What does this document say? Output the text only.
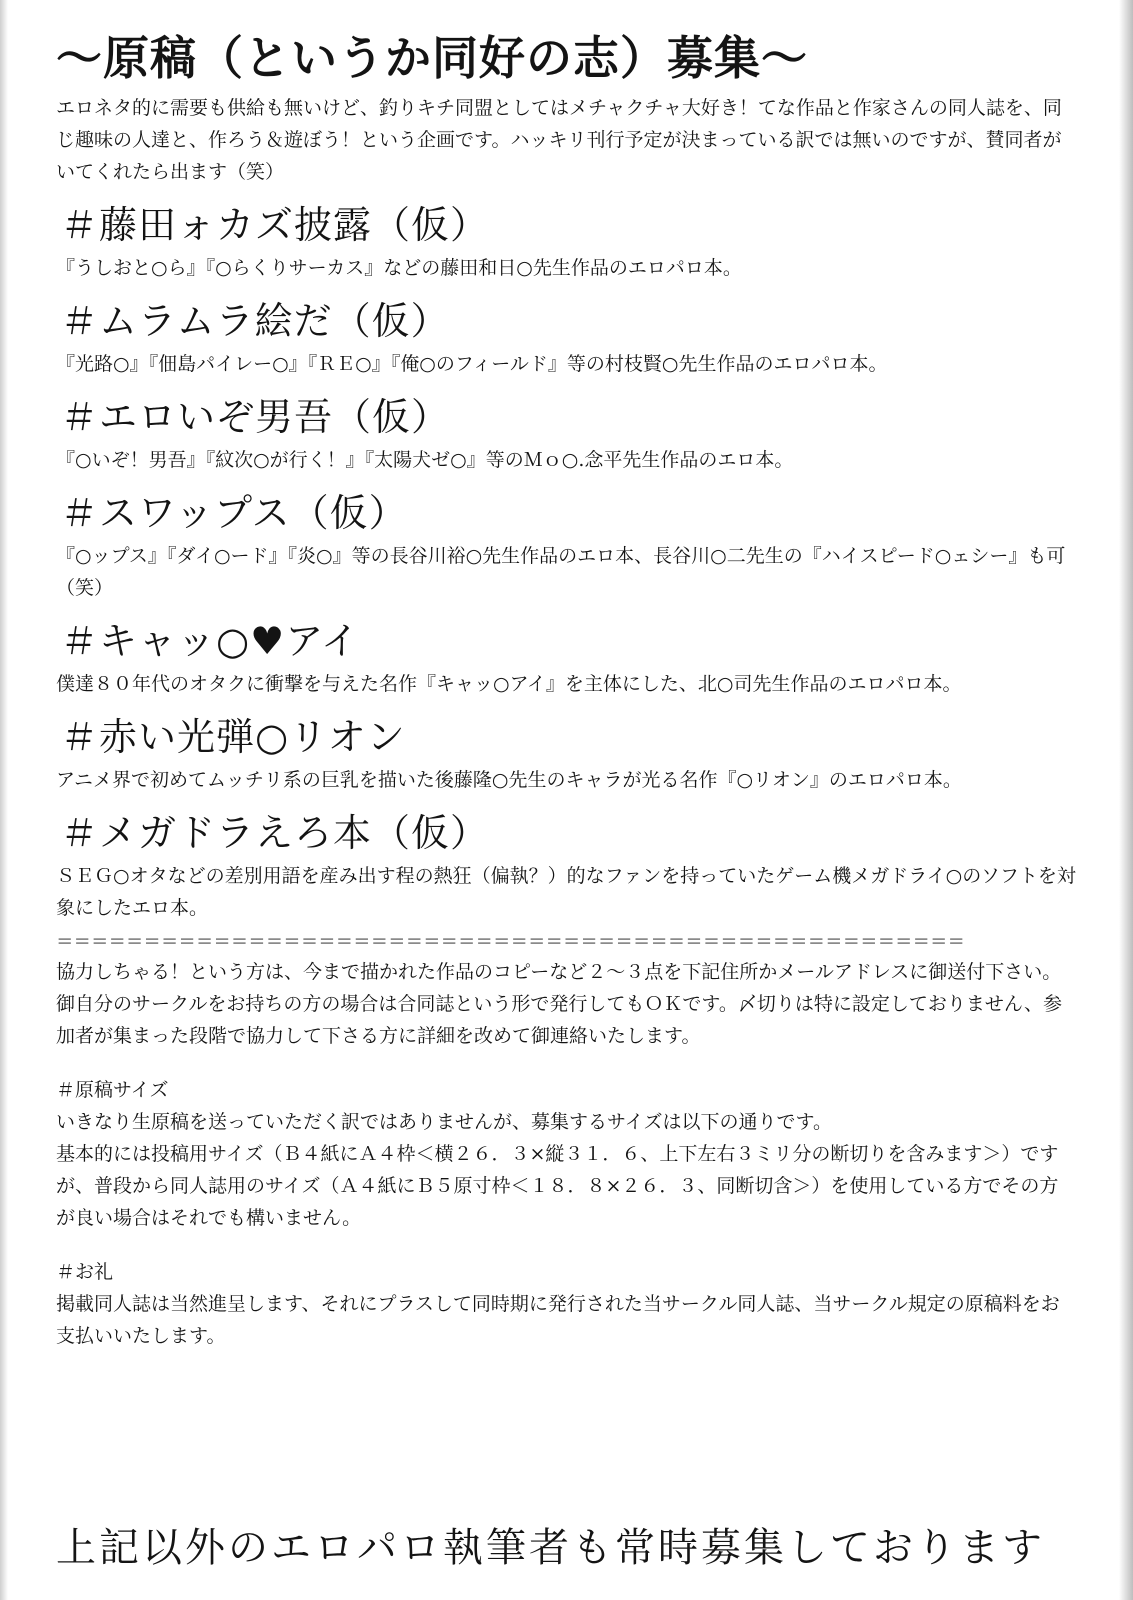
～原稿（というか同好の志）募集～

エロネタ的に需要も供給も無いけど、釣りキチ同盟としてはメチャクチャ大好き！てな作品と作家さんの同人誌を、同じ趣味の人達と、作ろう＆遊ぼう！という企画です。ハッキリ刊行予定が決まっている訳では無いのですが、賛同者がいてくれたら出ます（笑）

＃藤田ォカズ披露（仮）

『うしおと○ら』『○らくりサーカス』などの藤田和日○先生作品のエロパロ本。

＃ムラムラ絵だ（仮）

『光路○』『佃島パイレー○』『ＲＥ○』『俺○のフィールド』等の村枝賢○先生作品のエロパロ本。

＃エロいぞ男吾（仮）

『○いぞ！男吾』『紋次○が行く！』『太陽犬ゼ○』等のＭｏ○.念平先生作品のエロ本。

＃スワップス（仮）

『○ップス』『ダイ○ード』『炎○』等の長谷川裕○先生作品のエロ本、長谷川○二先生の『ハイスピード○ェシー』も可（笑）

＃キャッ○♥アイ

僕達８０年代のオタクに衝撃を与えた名作『キャッ○アイ』を主体にした、北○司先生作品のエロパロ本。

＃赤い光弾○リオン

アニメ界で初めてムッチリ系の巨乳を描いた後藤隆○先生のキャラが光る名作『○リオン』のエロパロ本。

＃メガドラえろ本（仮）

ＳＥＧ○オタなどの差別用語を産み出す程の熱狂（偏執？）的なファンを持っていたゲーム機メガドライ○のソフトを対象にしたエロ本。

＝＝＝＝＝＝＝＝＝＝＝＝＝＝＝＝＝＝＝＝＝＝＝＝＝＝＝＝＝＝＝＝＝＝＝＝＝＝＝＝＝＝＝＝＝＝＝＝＝＝＝＝

協力しちゃる！という方は、今まで描かれた作品のコピーなど２～３点を下記住所かメールアドレスに御送付下さい。御自分のサークルをお持ちの方の場合は合同誌という形で発行してもＯＫです。〆切りは特に設定しておりません、参加者が集まった段階で協力して下さる方に詳細を改めて御連絡いたします。

＃原稿サイズ

いきなり生原稿を送っていただく訳ではありませんが、募集するサイズは以下の通りです。

基本的には投稿用サイズ（Ｂ４紙にＡ４枠＜横２６．３×縦３１．６、上下左右３ミリ分の断切りを含みます＞）ですが、普段から同人誌用のサイズ（Ａ４紙にＢ５原寸枠＜１８．８×２６．３、同断切含＞）を使用している方でその方が良い場合はそれでも構いません。

＃お礼

掲載同人誌は当然進呈します、それにプラスして同時期に発行された当サークル同人誌、当サークル規定の原稿料をお支払いいたします。

上記以外のエロパロ執筆者も常時募集しております
